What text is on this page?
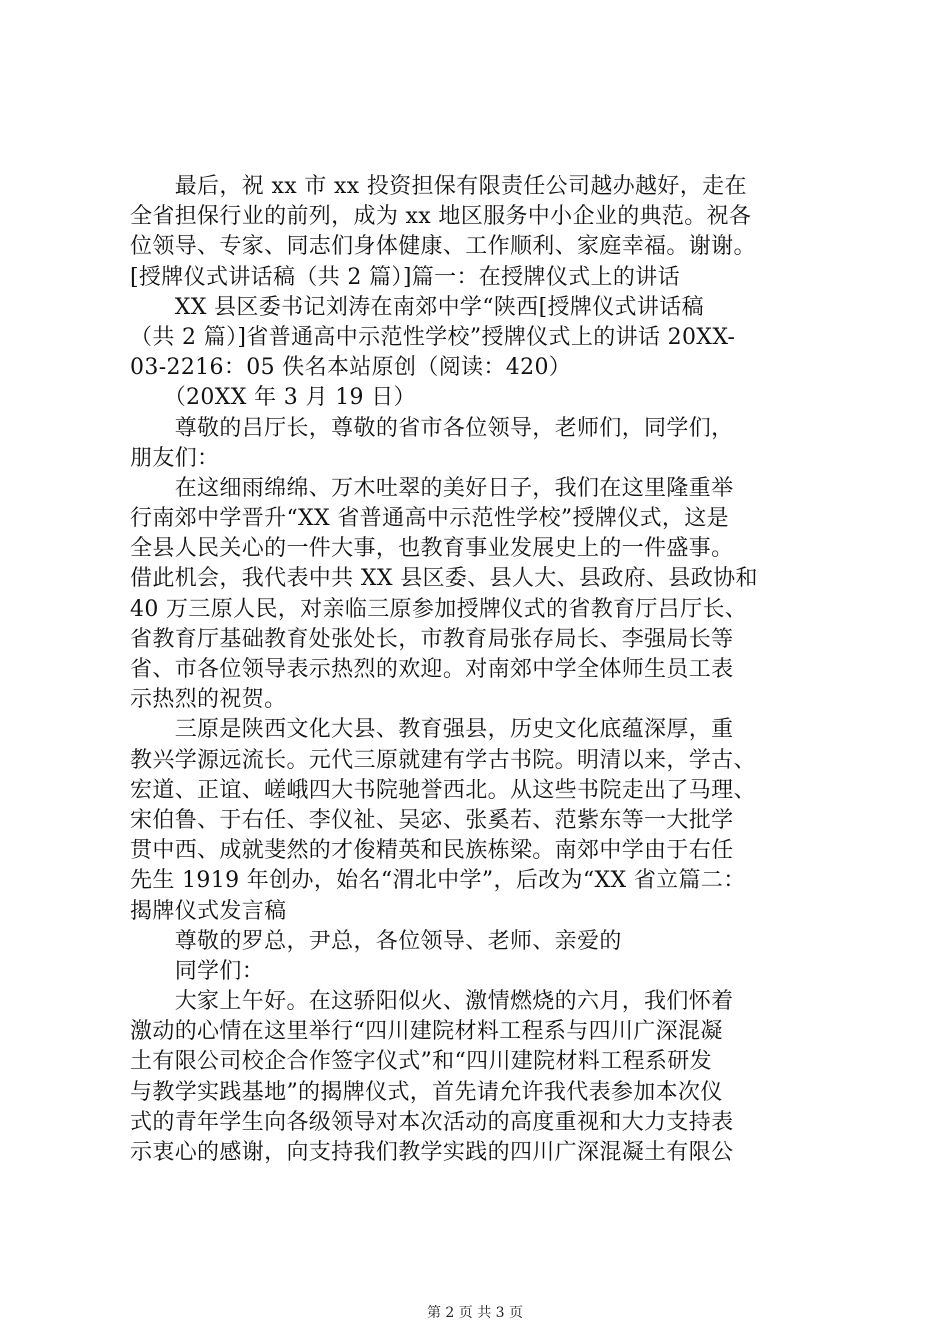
　　最后，祝 xx 市 xx 投资担保有限责任公司越办越好，走在
全省担保行业的前列，成为 xx 地区服务中小企业的典范。祝各
位领导、专家、同志们身体健康、工作顺利、家庭幸福。谢谢。
[授牌仪式讲话稿（共 2 篇）]篇一：在授牌仪式上的讲话
　　XX 县区委书记刘涛在南郊中学“陕西[授牌仪式讲话稿
（共 2 篇）]省普通高中示范性学校”授牌仪式上的讲话 20XX-
03-2216：05 佚名本站原创（阅读：420）
　　（20XX 年 3 月 19 日）
　　尊敬的吕厅长，尊敬的省市各位领导，老师们，同学们，
朋友们：
　　在这细雨绵绵、万木吐翠的美好日子，我们在这里隆重举
行南郊中学晋升“XX 省普通高中示范性学校”授牌仪式，这是
全县人民关心的一件大事，也教育事业发展史上的一件盛事。
借此机会，我代表中共 XX 县区委、县人大、县政府、县政协和
40 万三原人民，对亲临三原参加授牌仪式的省教育厅吕厅长、
省教育厅基础教育处张处长，市教育局张存局长、李强局长等
省、市各位领导表示热烈的欢迎。对南郊中学全体师生员工表
示热烈的祝贺。
　　三原是陕西文化大县、教育强县，历史文化底蕴深厚，重
教兴学源远流长。元代三原就建有学古书院。明清以来，学古、
宏道、正谊、嵯峨四大书院驰誉西北。从这些书院走出了马理、
宋伯鲁、于右任、李仪祉、吴宓、张奚若、范紫东等一大批学
贯中西、成就斐然的才俊精英和民族栋梁。南郊中学由于右任
先生 1919 年创办，始名“渭北中学”，后改为“XX 省立篇二：
揭牌仪式发言稿
　　尊敬的罗总，尹总，各位领导、老师、亲爱的
　　同学们：
　　大家上午好。在这骄阳似火、激情燃烧的六月，我们怀着
激动的心情在这里举行“四川建院材料工程系与四川广深混凝
土有限公司校企合作签字仪式”和“四川建院材料工程系研发
与教学实践基地”的揭牌仪式，首先请允许我代表参加本次仪
式的青年学生向各级领导对本次活动的高度重视和大力支持表
示衷心的感谢，向支持我们教学实践的四川广深混凝土有限公
第 2 页 共 3 页
